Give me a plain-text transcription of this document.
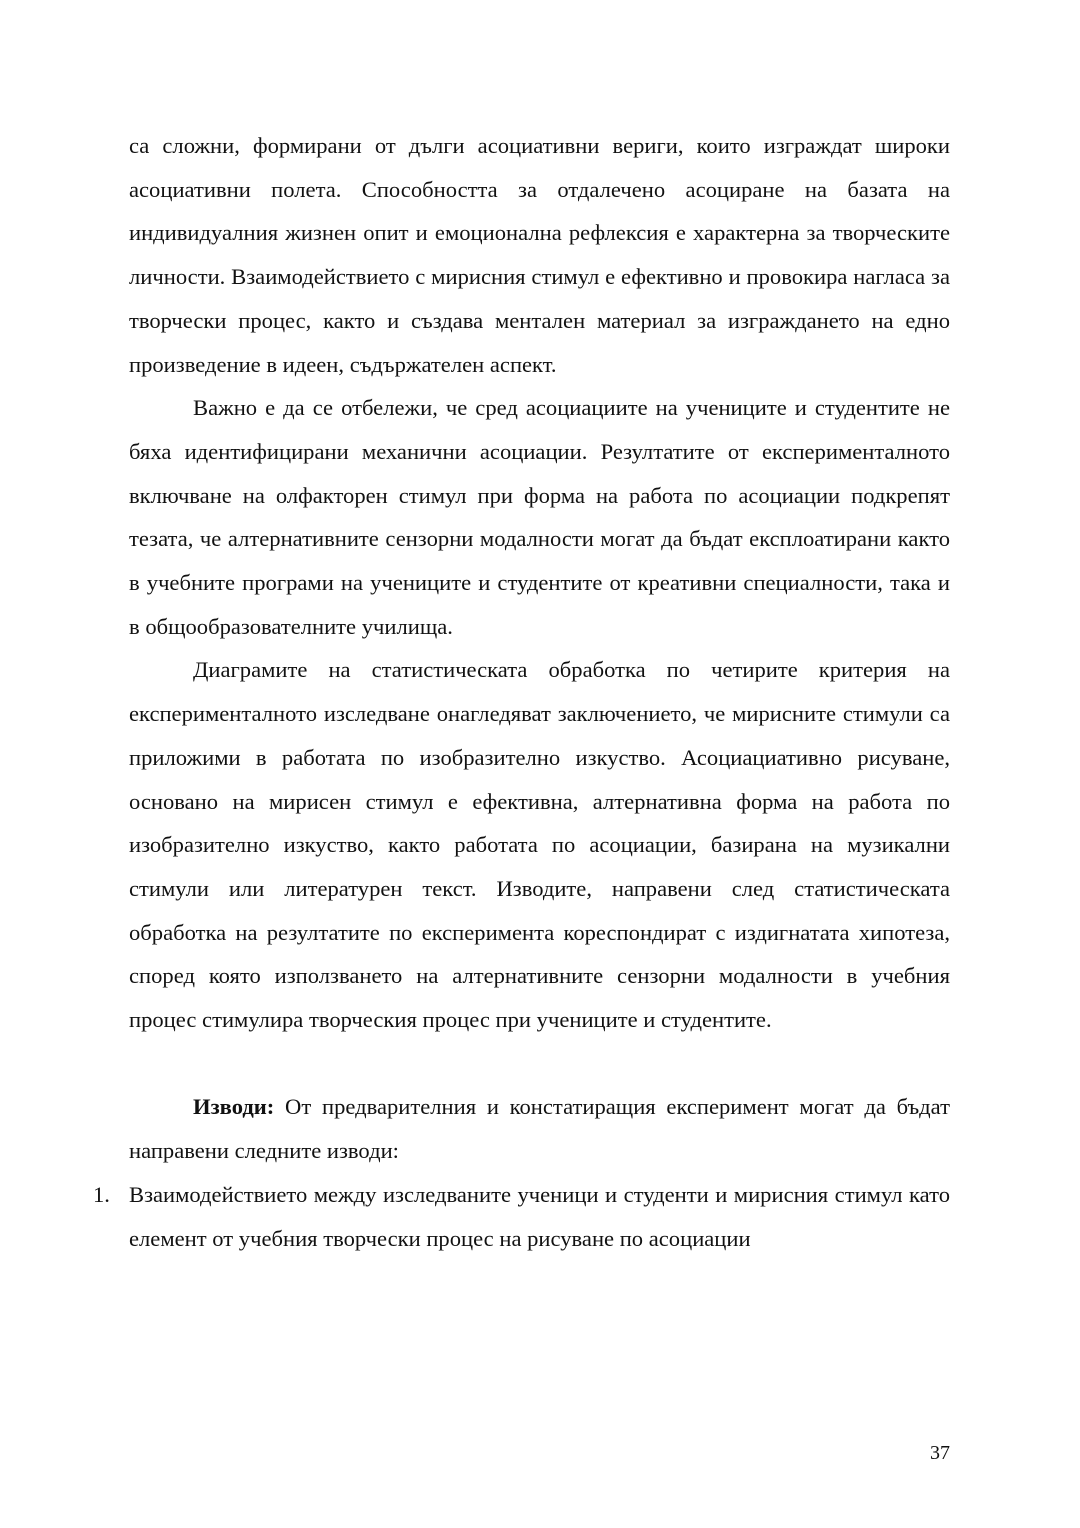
са сложни, формирани от дълги асоциативни вериги, които изграждат широки асоциативни полета. Способността за отдалечено асоциране на базата на индивидуалния жизнен опит и емоционална рефлексия е характерна за творческите личности. Взаимодействието с мирисния стимул е ефективно и провокира нагласа за творчески процес, както и създава ментален материал за изграждането на едно произведение в идеен, съдържателен аспект.

Важно е да се отбележи, че сред асоциациите на учениците и студентите не бяха идентифицирани механични асоциации. Резултатите от експерименталното включване на олфакторен стимул при форма на работа по асоциации подкрепят тезата, че алтернативните сензорни модалности могат да бъдат експлоатирани както в учебните програми на учениците и студентите от креативни специалности, така и в общообразователните училища.

Диаграмите на статистическата обработка по четирите критерия на експерименталното изследване онагледяват заключението, че мирисните стимули са приложими в работата по изобразително изкуство. Асоциациативно рисуване, основано на мирисен стимул е ефективна, алтернативна форма на работа по изобразително изкуство, както работата по асоциации, базирана на музикални стимули или литературен текст. Изводите, направени след статистическата обработка на резултатите по експеримента кореспондират с издигнатата хипотеза, според която използването на алтернативните сензорни модалности в учебния процес стимулира творческия процес при учениците и студентите.

Изводи: От предварителния и констатиращия експеримент могат да бъдат направени следните изводи:

1. Взаимодействието между изследваните ученици и студенти и мирисния стимул като елемент от учебния творчески процес на рисуване по асоциации
37
